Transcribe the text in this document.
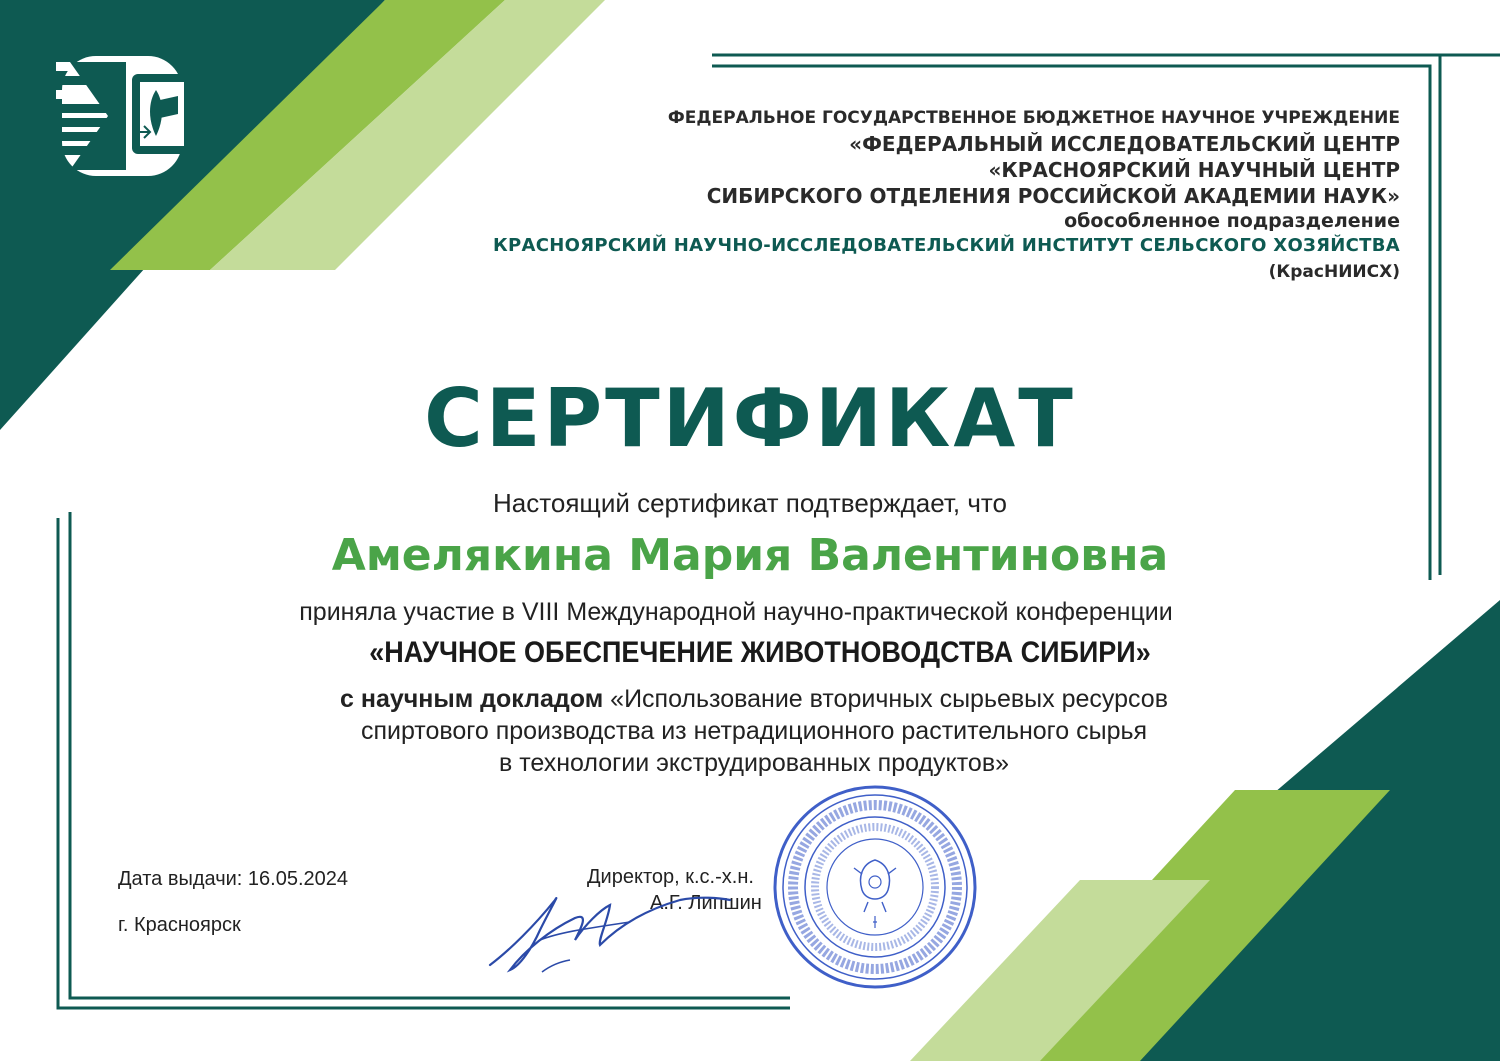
ФЕДЕРАЛЬНОЕ ГОСУДАРСТВЕННОЕ БЮДЖЕТНОЕ НАУЧНОЕ УЧРЕЖДЕНИЕ
«ФЕДЕРАЛЬНЫЙ ИССЛЕДОВАТЕЛЬСКИЙ ЦЕНТР
«КРАСНОЯРСКИЙ НАУЧНЫЙ ЦЕНТР
СИБИРСКОГО ОТДЕЛЕНИЯ РОССИЙСКОЙ АКАДЕМИИ НАУК»
обособленное подразделение
КРАСНОЯРСКИЙ НАУЧНО-ИССЛЕДОВАТЕЛЬСКИЙ ИНСТИТУТ СЕЛЬСКОГО ХОЗЯЙСТВА
(КрасНИИСХ)
СЕРТИФИКАТ
Настоящий сертификат подтверждает, что
Амелякина Мария Валентиновна
приняла участие в VIII Международной научно-практической конференции
«НАУЧНОЕ ОБЕСПЕЧЕНИЕ ЖИВОТНОВОДСТВА СИБИРИ»
с научным докладом «Использование вторичных сырьевых ресурсов
спиртового производства из нетрадиционного растительного сырья
в технологии экструдированных продуктов»
Дата выдачи: 16.05.2024
г. Красноярск
Директор, к.с.-х.н.
А.Г. Липшин
